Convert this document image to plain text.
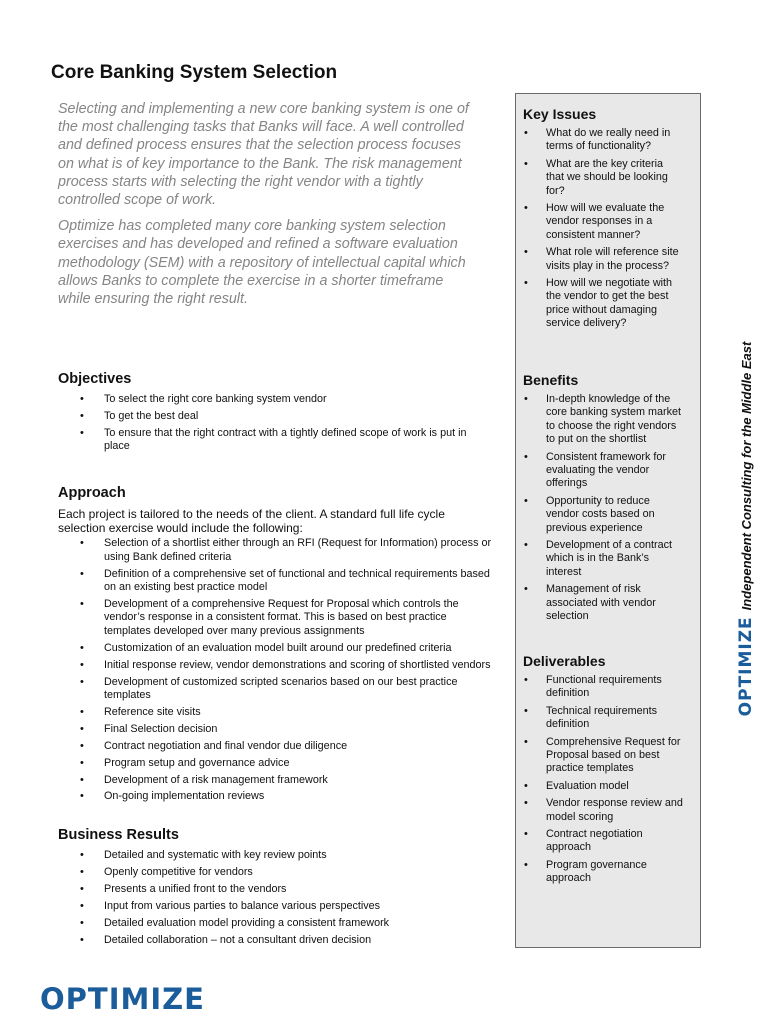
Core Banking System Selection

Selecting and implementing a new core banking system is one of the most challenging tasks that Banks will face. A well controlled and defined process ensures that the selection process focuses on what is of key importance to the Bank. The risk management process starts with selecting the right vendor with a tightly controlled scope of work.

Optimize has completed many core banking system selection exercises and has developed and refined a software evaluation methodology (SEM) with a repository of intellectual capital which allows Banks to complete the exercise in a shorter timeframe while ensuring the right result.

Objectives
• To select the right core banking system vendor
• To get the best deal
• To ensure that the right contract with a tightly defined scope of work is put in place
Approach

Each project is tailored to the needs of the client. A standard full life cycle selection exercise would include the following:

• Selection of a shortlist either through an RFI (Request for Information) process or using Bank defined criteria
• Definition of a comprehensive set of functional and technical requirements based on an existing best practice model
• Development of a comprehensive Request for Proposal which controls the vendor’s response in a consistent format. This is based on best practice templates developed over many previous assignments
• Customization of an evaluation model built around our predefined criteria
• Initial response review, vendor demonstrations and scoring of shortlisted vendors
• Development of customized scripted scenarios based on our best practice templates
• Reference site visits
• Final Selection decision
• Contract negotiation and final vendor due diligence
• Program setup and governance advice
• Development of a risk management framework
• On-going implementation reviews
Business Results
• Detailed and systematic with key review points
• Openly competitive for vendors
• Presents a unified front to the vendors
• Input from various parties to balance various perspectives
• Detailed evaluation model providing a consistent framework
• Detailed collaboration – not a consultant driven decision
Key Issues
• What do we really need in terms of functionality?
• What are the key criteria that we should be looking for?
• How will we evaluate the vendor responses in a consistent manner?
• What role will reference site visits play in the process?
• How will we negotiate with the vendor to get the best price without damaging service delivery?
Benefits
• In-depth knowledge of the core banking system market to choose the right vendors to put on the shortlist
• Consistent framework for evaluating the vendor offerings
• Opportunity to reduce vendor costs based on previous experience
• Development of a contract which is in the Bank’s interest
• Management of risk associated with vendor selection
Deliverables
• Functional requirements definition
• Technical requirements definition
• Comprehensive Request for Proposal based on best practice templates
• Evaluation model
• Vendor response review and model scoring
• Contract negotiation approach
• Program governance approach
OPTIMIZE
Independent Consulting for the Middle East
OPTIMIZE
